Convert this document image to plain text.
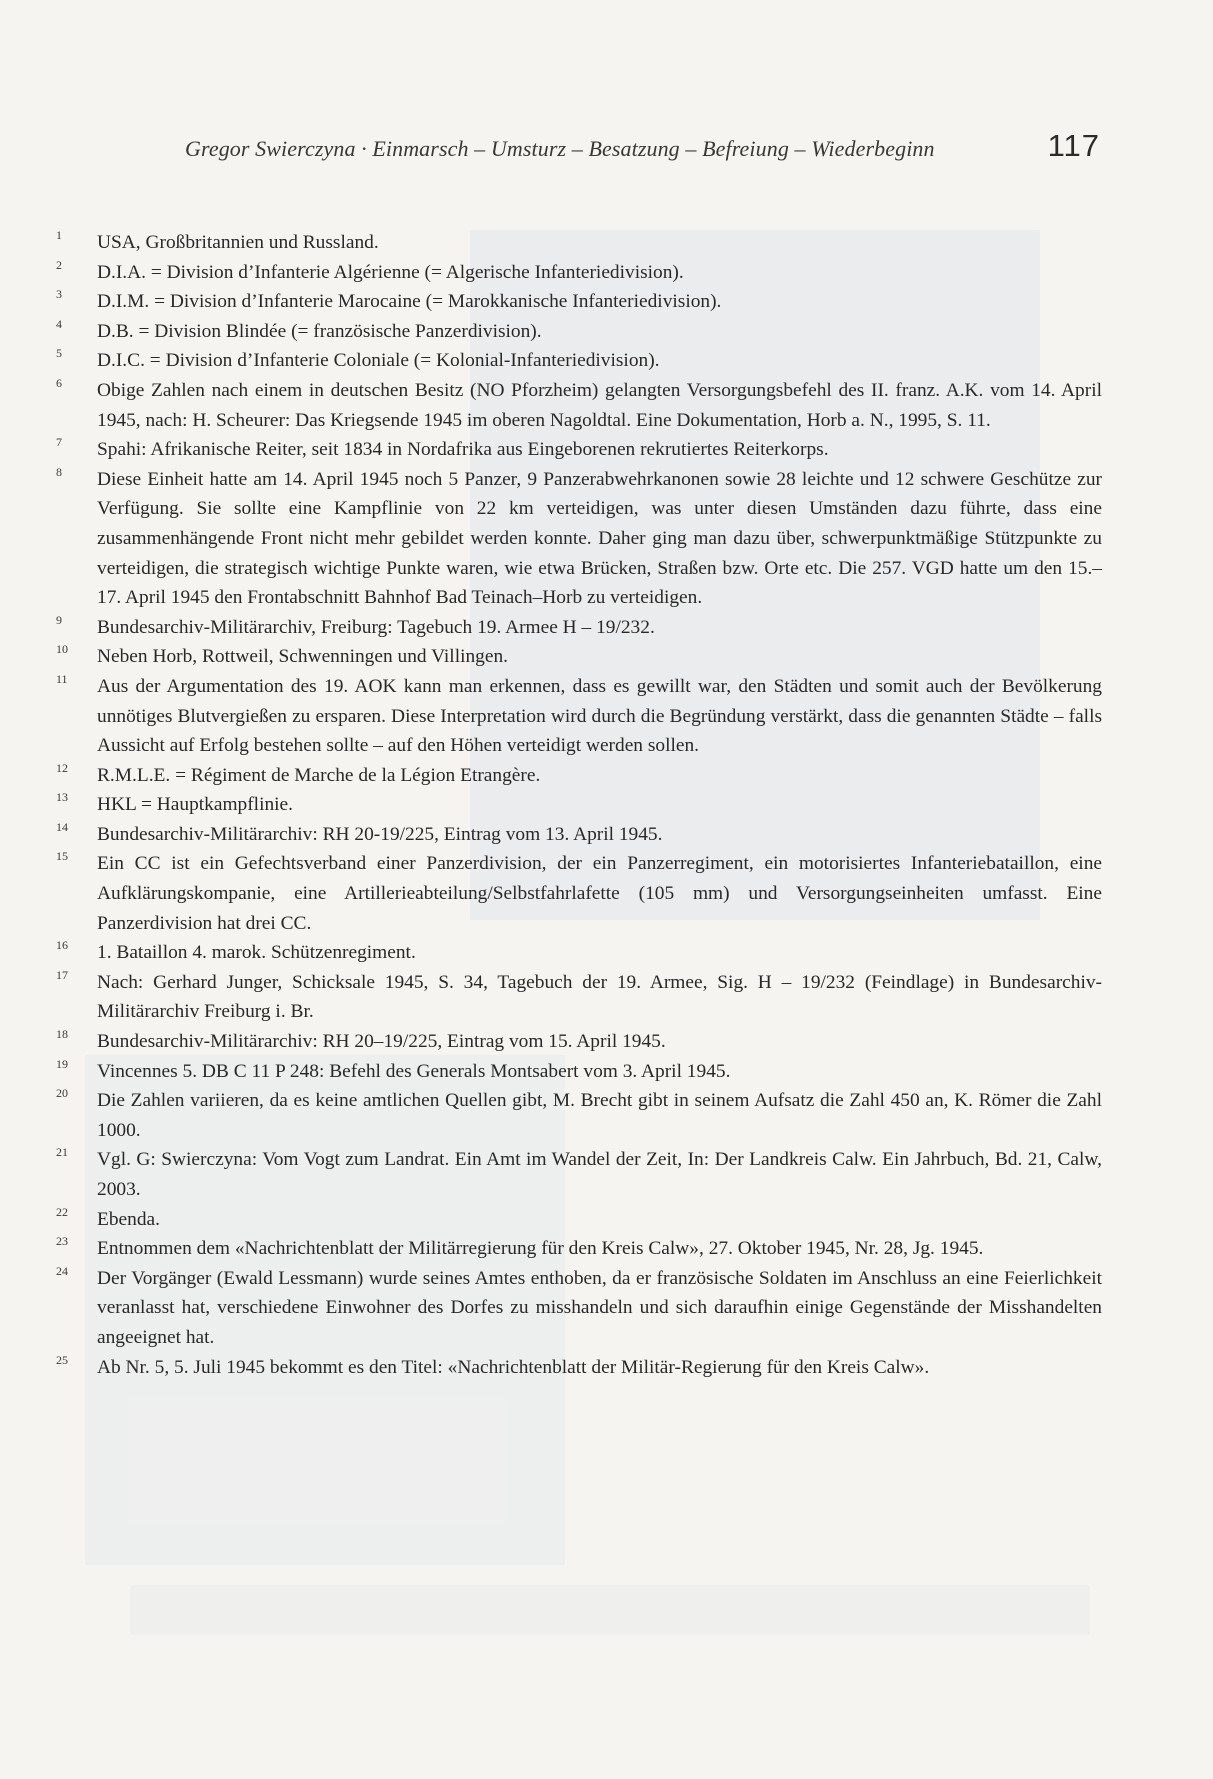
Gregor Swierczyna · Einmarsch – Umsturz – Besatzung – Befreiung – Wiederbeginn	117
1	USA, Großbritannien und Russland.
2	D.I.A. = Division d’Infanterie Algérienne (= Algerische Infanteriedivision).
3	D.I.M. = Division d’Infanterie Marocaine (= Marokkanische Infanteriedivision).
4	D.B. = Division Blindée (= französische Panzerdivision).
5	D.I.C. = Division d’Infanterie Coloniale (= Kolonial-Infanteriedivision).
6	Obige Zahlen nach einem in deutschen Besitz (NO Pforzheim) gelangten Versorgungsbefehl des II. franz. A.K. vom 14. April 1945, nach: H. Scheurer: Das Kriegsende 1945 im oberen Nagoldtal. Eine Dokumentation, Horb a. N., 1995, S. 11.
7	Spahi: Afrikanische Reiter, seit 1834 in Nordafrika aus Eingeborenen rekrutiertes Reiterkorps.
8	Diese Einheit hatte am 14. April 1945 noch 5 Panzer, 9 Panzerabwehrkanonen sowie 28 leichte und 12 schwere Geschütze zur Verfügung. Sie sollte eine Kampflinie von 22 km verteidigen, was unter diesen Umständen dazu führte, dass eine zusammenhängende Front nicht mehr gebildet werden konnte. Daher ging man dazu über, schwerpunktmäßige Stützpunkte zu verteidigen, die strategisch wichtige Punkte waren, wie etwa Brücken, Straßen bzw. Orte etc. Die 257. VGD hatte um den 15.–17. April 1945 den Frontabschnitt Bahnhof Bad Teinach–Horb zu verteidigen.
9	Bundesarchiv-Militärarchiv, Freiburg: Tagebuch 19. Armee H – 19/232.
10	Neben Horb, Rottweil, Schwenningen und Villingen.
11	Aus der Argumentation des 19. AOK kann man erkennen, dass es gewillt war, den Städten und somit auch der Bevölkerung unnötiges Blutvergießen zu ersparen. Diese Interpretation wird durch die Begründung verstärkt, dass die genannten Städte – falls Aussicht auf Erfolg bestehen sollte – auf den Höhen verteidigt werden sollen.
12	R.M.L.E. = Régiment de Marche de la Légion Etrangère.
13	HKL = Hauptkampflinie.
14	Bundesarchiv-Militärarchiv: RH 20-19/225, Eintrag vom 13. April 1945.
15	Ein CC ist ein Gefechtsverband einer Panzerdivision, der ein Panzerregiment, ein motorisiertes Infanteriebataillon, eine Aufklärungskompanie, eine Artillerieabteilung/Selbstfahrlafette (105 mm) und Versorgungseinheiten umfasst. Eine Panzerdivision hat drei CC.
16	1. Bataillon 4. marok. Schützenregiment.
17	Nach: Gerhard Junger, Schicksale 1945, S. 34, Tagebuch der 19. Armee, Sig. H – 19/232 (Feindlage) in Bundesarchiv-Militärarchiv Freiburg i. Br.
18	Bundesarchiv-Militärarchiv: RH 20–19/225, Eintrag vom 15. April 1945.
19	Vincennes 5. DB C 11 P 248: Befehl des Generals Montsabert vom 3. April 1945.
20	Die Zahlen variieren, da es keine amtlichen Quellen gibt, M. Brecht gibt in seinem Aufsatz die Zahl 450 an, K. Römer die Zahl 1000.
21	Vgl. G: Swierczyna: Vom Vogt zum Landrat. Ein Amt im Wandel der Zeit, In: Der Landkreis Calw. Ein Jahrbuch, Bd. 21, Calw, 2003.
22	Ebenda.
23	Entnommen dem «Nachrichtenblatt der Militärregierung für den Kreis Calw», 27. Oktober 1945, Nr. 28, Jg. 1945.
24	Der Vorgänger (Ewald Lessmann) wurde seines Amtes enthoben, da er französische Soldaten im Anschluss an eine Feierlichkeit veranlasst hat, verschiedene Einwohner des Dorfes zu misshandeln und sich daraufhin einige Gegenstände der Misshandelten angeeignet hat.
25	Ab Nr. 5, 5. Juli 1945 bekommt es den Titel: «Nachrichtenblatt der Militär-Regierung für den Kreis Calw».
